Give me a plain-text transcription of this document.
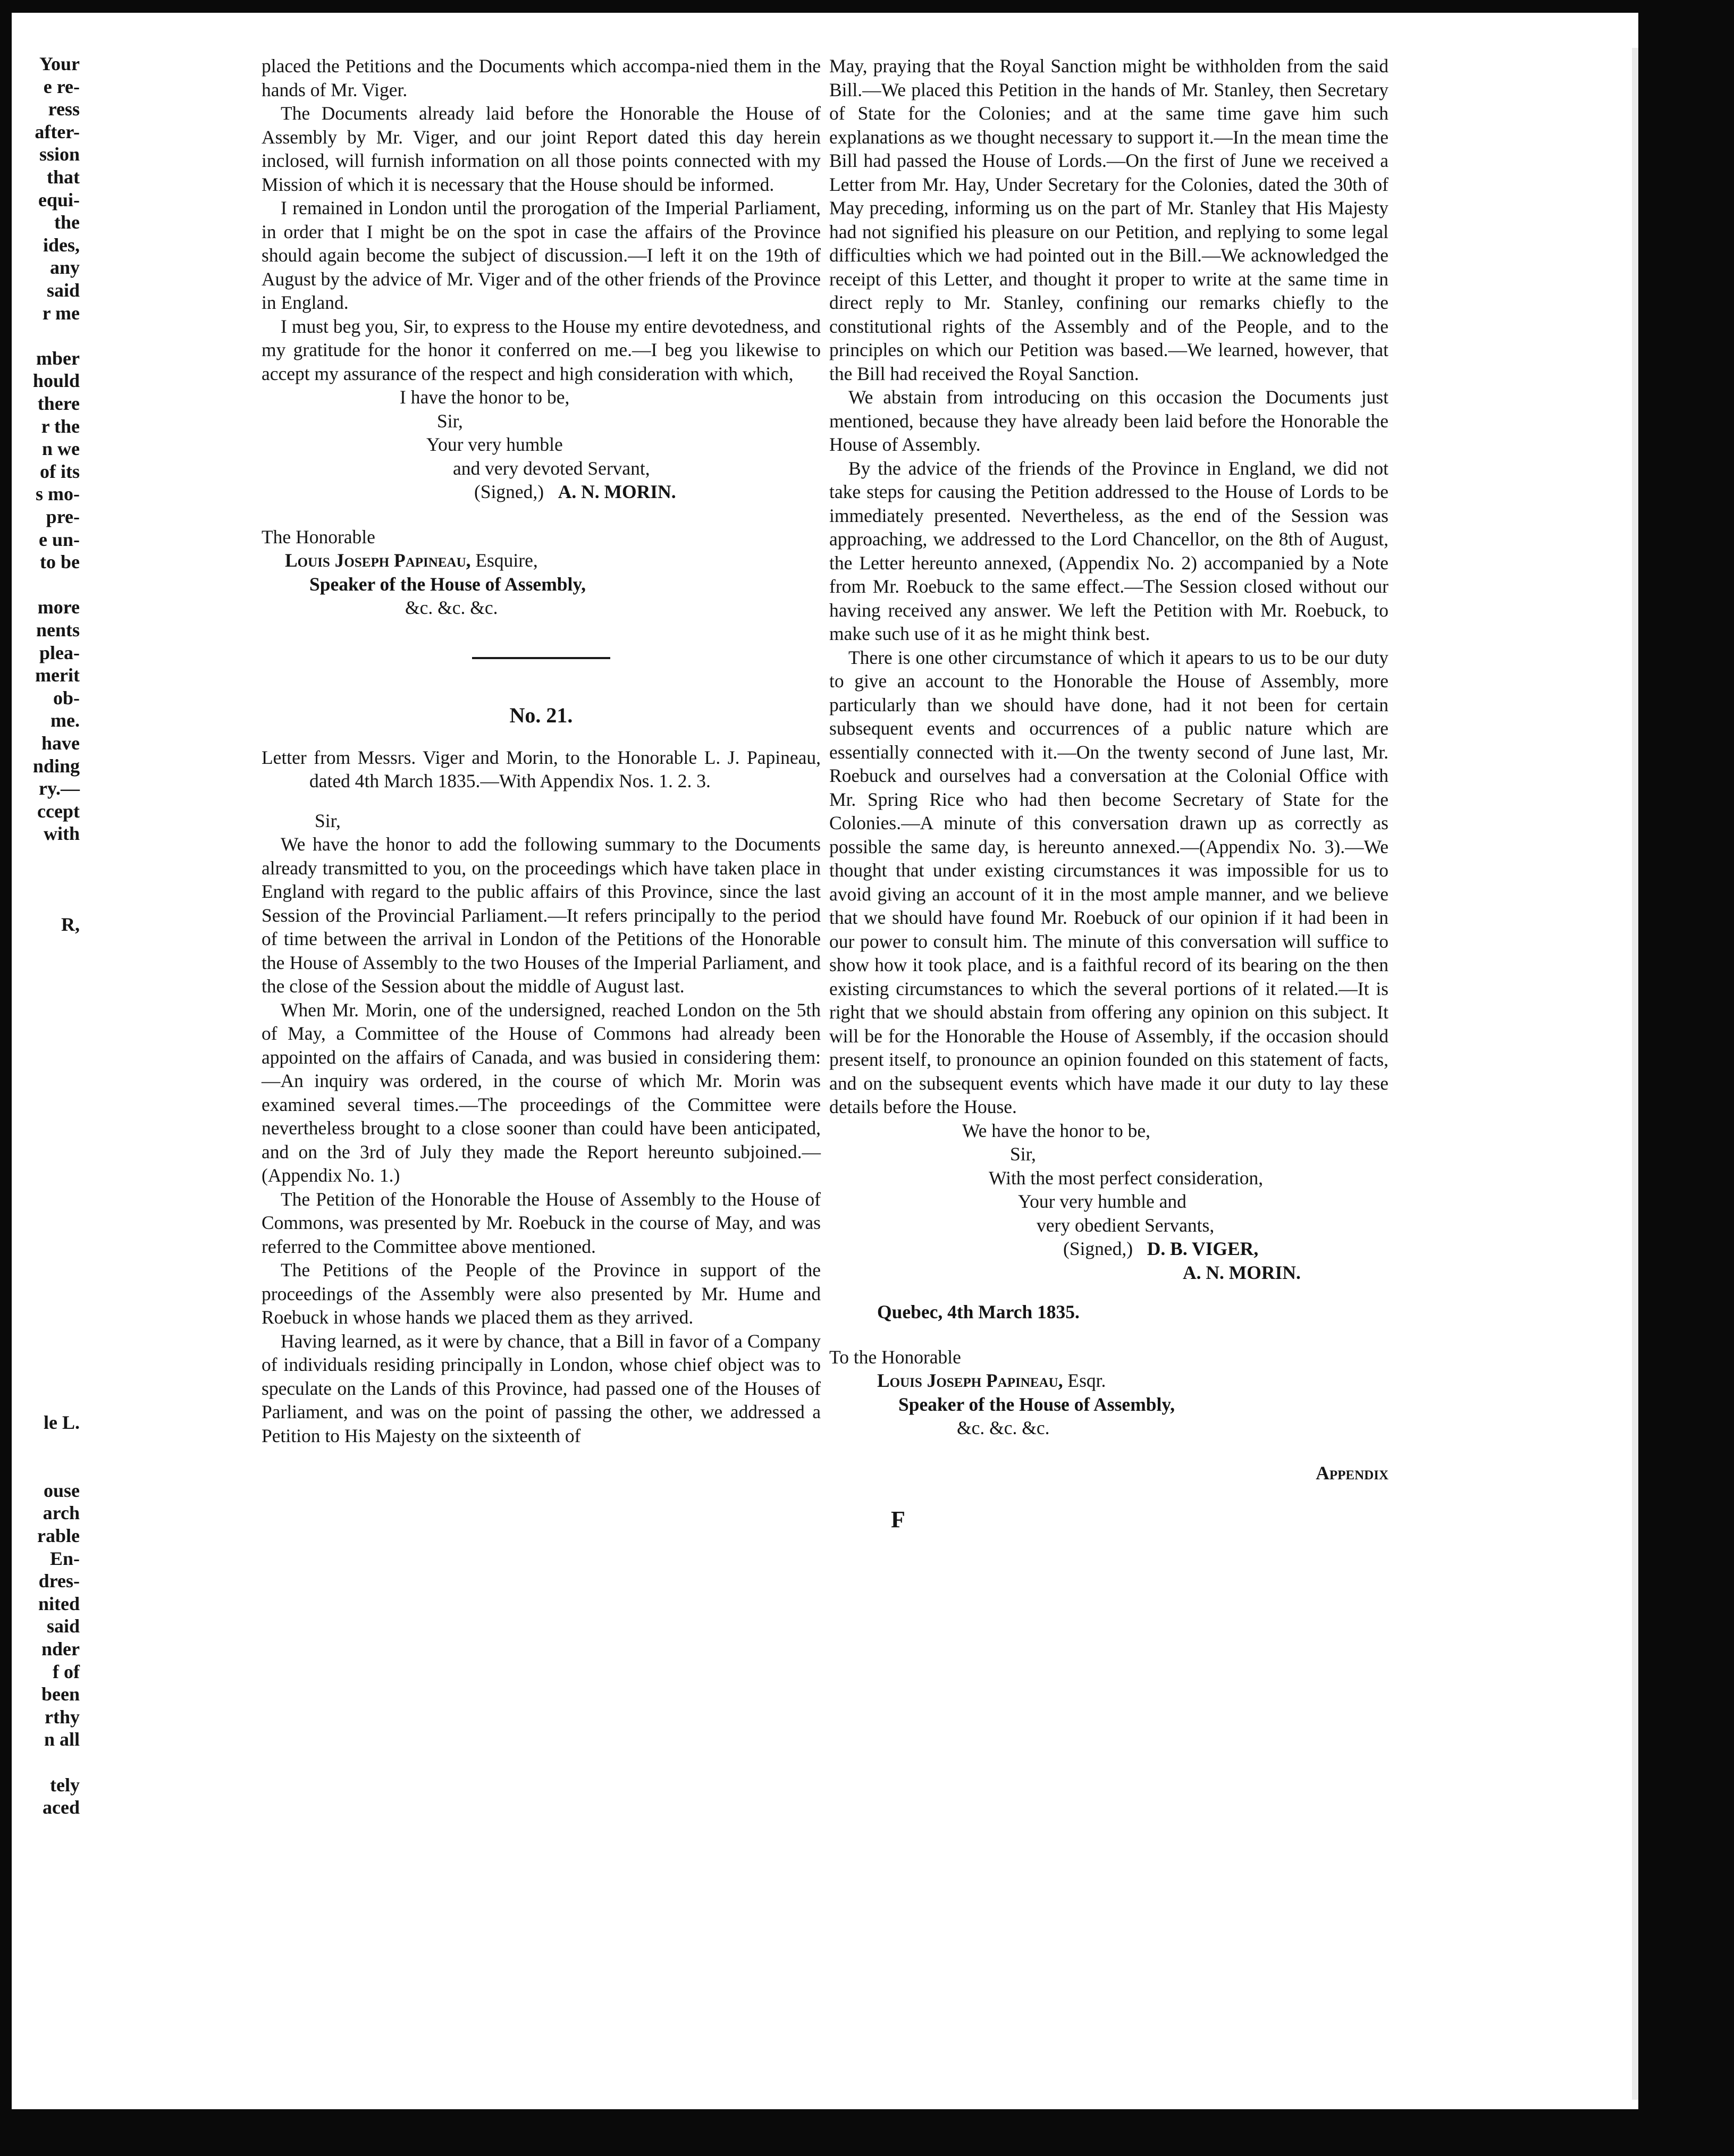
Your
e re-
ress
after-
ssion
that
equi-
the
ides,
any
said
r me
mber
hould
there
r the
n we
of its
s mo-
pre-
e un-
to be
more
nents
plea-
merit
ob-
me.
have
nding
ry.—
ccept
with
R,
le L.
ouse
arch
rable
En-
dres-
nited
said
nder
f of
been
rthy
n all
tely
aced

placed the Petitions and the Documents which accompa-nied them in the hands of Mr. Viger.

The Documents already laid before the Honorable the House of Assembly by Mr. Viger, and our joint Report dated this day herein inclosed, will furnish information on all those points connected with my Mission of which it is necessary that the House should be informed.

I remained in London until the prorogation of the Imperial Parliament, in order that I might be on the spot in case the affairs of the Province should again become the subject of discussion.—I left it on the 19th of August by the advice of Mr. Viger and of the other friends of the Province in England.

I must beg you, Sir, to express to the House my entire devotedness, and my gratitude for the honor it conferred on me.—I beg you likewise to accept my assurance of the respect and high consideration with which,

I have the honor to be,
Sir,
Your very humble
and very devoted Servant,
(Signed,) A. N. MORIN.
The Honorable
Louis Joseph Papineau, Esquire,
Speaker of the House of Assembly,
&c. &c. &c.
No. 21.

Letter from Messrs. Viger and Morin, to the Honorable L. J. Papineau, dated 4th March 1835.—With Appendix Nos. 1. 2. 3.

Sir,

We have the honor to add the following summary to the Documents already transmitted to you, on the proceedings which have taken place in England with regard to the public affairs of this Province, since the last Session of the Provincial Parliament.—It refers principally to the period of time between the arrival in London of the Petitions of the Honorable the House of Assembly to the two Houses of the Imperial Parliament, and the close of the Session about the middle of August last.

When Mr. Morin, one of the undersigned, reached London on the 5th of May, a Committee of the House of Commons had already been appointed on the affairs of Canada, and was busied in considering them:—An inquiry was ordered, in the course of which Mr. Morin was examined several times.—The proceedings of the Committee were nevertheless brought to a close sooner than could have been anticipated, and on the 3rd of July they made the Report hereunto subjoined.—(Appendix No. 1.)

The Petition of the Honorable the House of Assembly to the House of Commons, was presented by Mr. Roebuck in the course of May, and was referred to the Committee above mentioned.

The Petitions of the People of the Province in support of the proceedings of the Assembly were also presented by Mr. Hume and Roebuck in whose hands we placed them as they arrived.

Having learned, as it were by chance, that a Bill in favor of a Company of individuals residing principally in London, whose chief object was to speculate on the Lands of this Province, had passed one of the Houses of Parliament, and was on the point of passing the other, we addressed a Petition to His Majesty on the sixteenth of

May, praying that the Royal Sanction might be withholden from the said Bill.—We placed this Petition in the hands of Mr. Stanley, then Secretary of State for the Colonies; and at the same time gave him such explanations as we thought necessary to support it.—In the mean time the Bill had passed the House of Lords.—On the first of June we received a Letter from Mr. Hay, Under Secretary for the Colonies, dated the 30th of May preceding, informing us on the part of Mr. Stanley that His Majesty had not signified his pleasure on our Petition, and replying to some legal difficulties which we had pointed out in the Bill.—We acknowledged the receipt of this Letter, and thought it proper to write at the same time in direct reply to Mr. Stanley, confining our remarks chiefly to the constitutional rights of the Assembly and of the People, and to the principles on which our Petition was based.—We learned, however, that the Bill had received the Royal Sanction.

We abstain from introducing on this occasion the Documents just mentioned, because they have already been laid before the Honorable the House of Assembly.

By the advice of the friends of the Province in England, we did not take steps for causing the Petition addressed to the House of Lords to be immediately presented. Nevertheless, as the end of the Session was approaching, we addressed to the Lord Chancellor, on the 8th of August, the Letter hereunto annexed, (Appendix No. 2) accompanied by a Note from Mr. Roebuck to the same effect.—The Session closed without our having received any answer. We left the Petition with Mr. Roebuck, to make such use of it as he might think best.

There is one other circumstance of which it apears to us to be our duty to give an account to the Honorable the House of Assembly, more particularly than we should have done, had it not been for certain subsequent events and occurrences of a public nature which are essentially connected with it.—On the twenty second of June last, Mr. Roebuck and ourselves had a conversation at the Colonial Office with Mr. Spring Rice who had then become Secretary of State for the Colonies.—A minute of this conversation drawn up as correctly as possible the same day, is hereunto annexed.—(Appendix No. 3).—We thought that under existing circumstances it was impossible for us to avoid giving an account of it in the most ample manner, and we believe that we should have found Mr. Roebuck of our opinion if it had been in our power to consult him. The minute of this conversation will suffice to show how it took place, and is a faithful record of its bearing on the then existing circumstances to which the several portions of it related.—It is right that we should abstain from offering any opinion on this subject. It will be for the Honorable the House of Assembly, if the occasion should present itself, to pronounce an opinion founded on this statement of facts, and on the subsequent events which have made it our duty to lay these details before the House.

We have the honor to be,
Sir,
With the most perfect consideration,
Your very humble and
very obedient Servants,
(Signed,) D. B. VIGER,
A. N. MORIN.
Quebec, 4th March 1835.
To the Honorable
Louis Joseph Papineau, Esqr.
Speaker of the House of Assembly,
&c. &c. &c.
Appendix
F
